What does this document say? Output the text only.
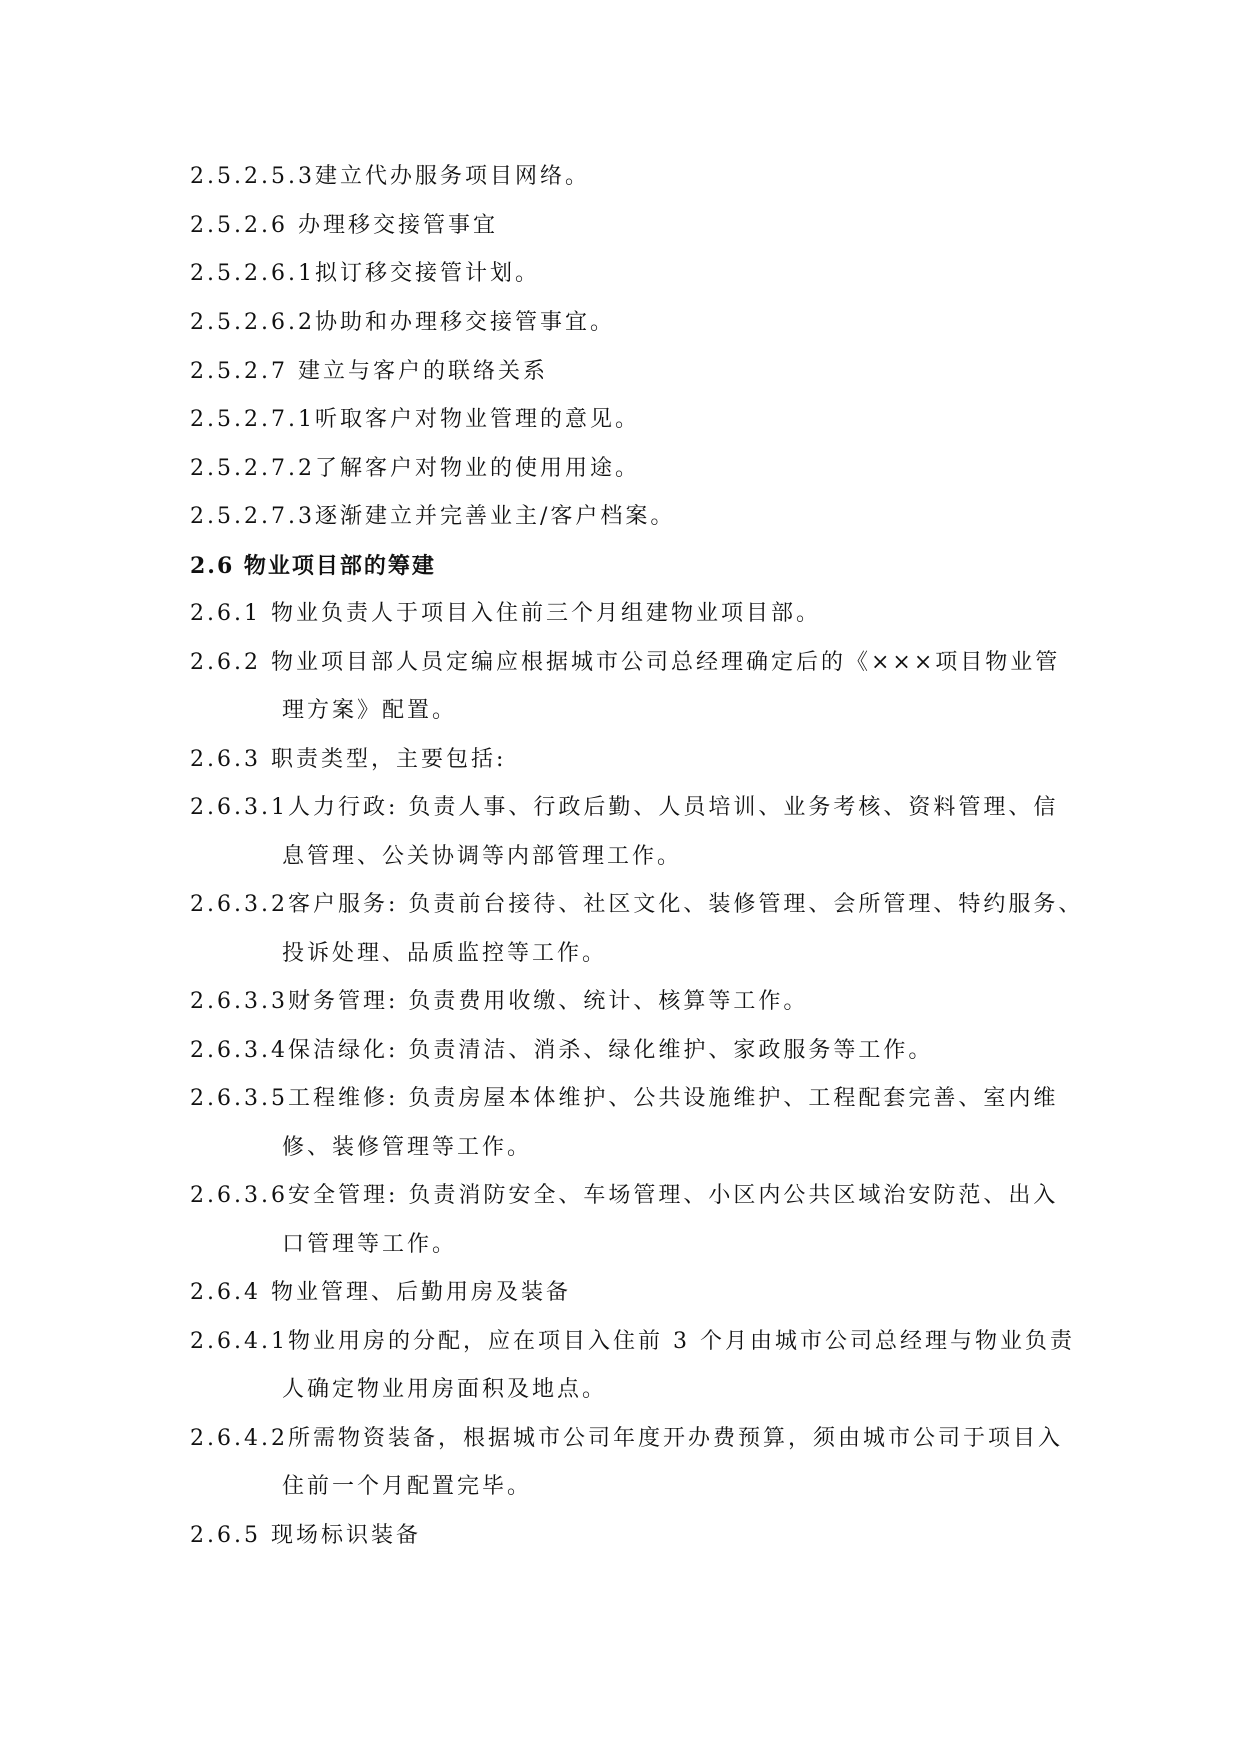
2.5.2.5.3建立代办服务项目网络。
2.5.2.6 办理移交接管事宜
2.5.2.6.1拟订移交接管计划。
2.5.2.6.2协助和办理移交接管事宜。
2.5.2.7 建立与客户的联络关系
2.5.2.7.1听取客户对物业管理的意见。
2.5.2.7.2了解客户对物业的使用用途。
2.5.2.7.3逐渐建立并完善业主/客户档案。
2.6 物业项目部的筹建
2.6.1 物业负责人于项目入住前三个月组建物业项目部。
2.6.2 物业项目部人员定编应根据城市公司总经理确定后的《×××项目物业管
理方案》配置。
2.6.3 职责类型，主要包括:
2.6.3.1人力行政: 负责人事、行政后勤、人员培训、业务考核、资料管理、信
息管理、公关协调等内部管理工作。
2.6.3.2客户服务: 负责前台接待、社区文化、装修管理、会所管理、特约服务、
投诉处理、品质监控等工作。
2.6.3.3财务管理: 负责费用收缴、统计、核算等工作。
2.6.3.4保洁绿化: 负责清洁、消杀、绿化维护、家政服务等工作。
2.6.3.5工程维修: 负责房屋本体维护、公共设施维护、工程配套完善、室内维
修、装修管理等工作。
2.6.3.6安全管理: 负责消防安全、车场管理、小区内公共区域治安防范、出入
口管理等工作。
2.6.4 物业管理、后勤用房及装备
2.6.4.1物业用房的分配，应在项目入住前 3 个月由城市公司总经理与物业负责
人确定物业用房面积及地点。
2.6.4.2所需物资装备，根据城市公司年度开办费预算，须由城市公司于项目入
住前一个月配置完毕。
2.6.5 现场标识装备
